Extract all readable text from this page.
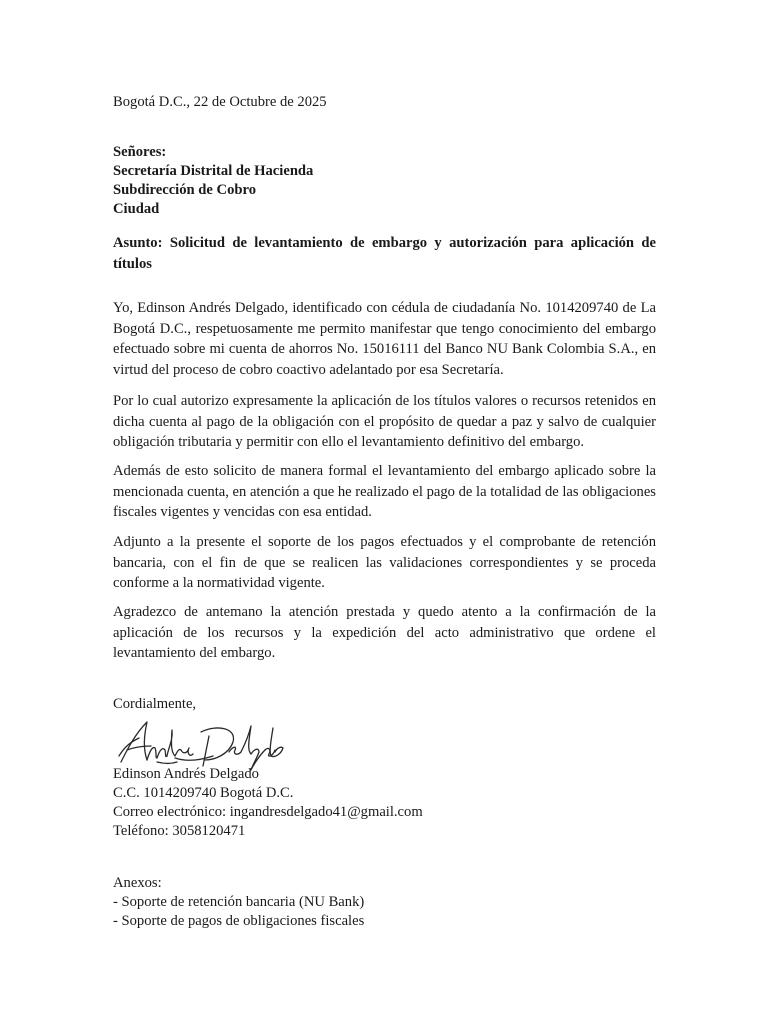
Bogotá D.C., 22 de Octubre de 2025
Señores:
Secretaría Distrital de Hacienda
Subdirección de Cobro
Ciudad
Asunto: Solicitud de levantamiento de embargo y autorización para aplicación de títulos
Yo, Edinson Andrés Delgado, identificado con cédula de ciudadanía No. 1014209740 de La Bogotá D.C., respetuosamente me permito manifestar que tengo conocimiento del embargo efectuado sobre mi cuenta de ahorros No. 15016111 del Banco NU Bank Colombia S.A., en virtud del proceso de cobro coactivo adelantado por esa Secretaría.
Por lo cual autorizo expresamente la aplicación de los títulos valores o recursos retenidos en dicha cuenta al pago de la obligación con el propósito de quedar a paz y salvo de cualquier obligación tributaria y permitir con ello el levantamiento definitivo del embargo.
Además de esto solicito de manera formal el levantamiento del embargo aplicado sobre la mencionada cuenta, en atención a que he realizado el pago de la totalidad de las obligaciones fiscales vigentes y vencidas con esa entidad.
Adjunto a la presente el soporte de los pagos efectuados y el comprobante de retención bancaria, con el fin de que se realicen las validaciones correspondientes y se proceda conforme a la normatividad vigente.
Agradezco de antemano la atención prestada y quedo atento a la confirmación de la aplicación de los recursos y la expedición del acto administrativo que ordene el levantamiento del embargo.
Cordialmente,
Edinson Andrés Delgado
C.C. 1014209740 Bogotá D.C.
Correo electrónico: ingandresdelgado41@gmail.com
Teléfono: 3058120471
Anexos:
- Soporte de retención bancaria (NU Bank)
- Soporte de pagos de obligaciones fiscales
